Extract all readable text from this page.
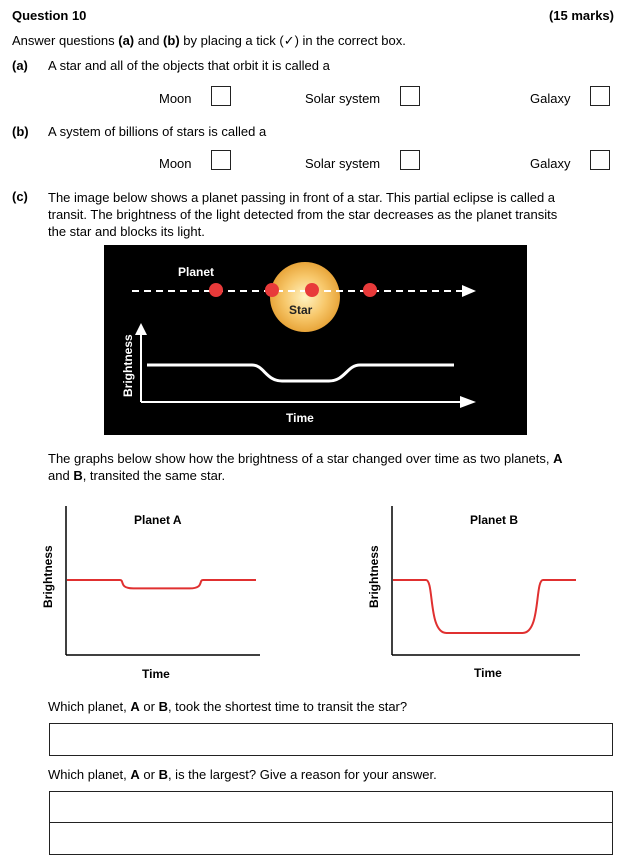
Question 10	(15 marks)
Answer questions (a) and (b) by placing a tick (✓) in the correct box.
(a) A star and all of the objects that orbit it is called a
Moon	Solar system	Galaxy
(b) A system of billions of stars is called a
Moon	Solar system	Galaxy
(c) The image below shows a planet passing in front of a star. This partial eclipse is called a
transit. The brightness of the light detected from the star decreases as the planet transits
the star and blocks its light.
Planet
Star
Brightness
Time
The graphs below show how the brightness of a star changed over time as two planets, A
and B, transited the same star.
Planet A
Brightness
Time
Planet B
Brightness
Time
Which planet, A or B, took the shortest time to transit the star?
Which planet, A or B, is the largest? Give a reason for your answer.
